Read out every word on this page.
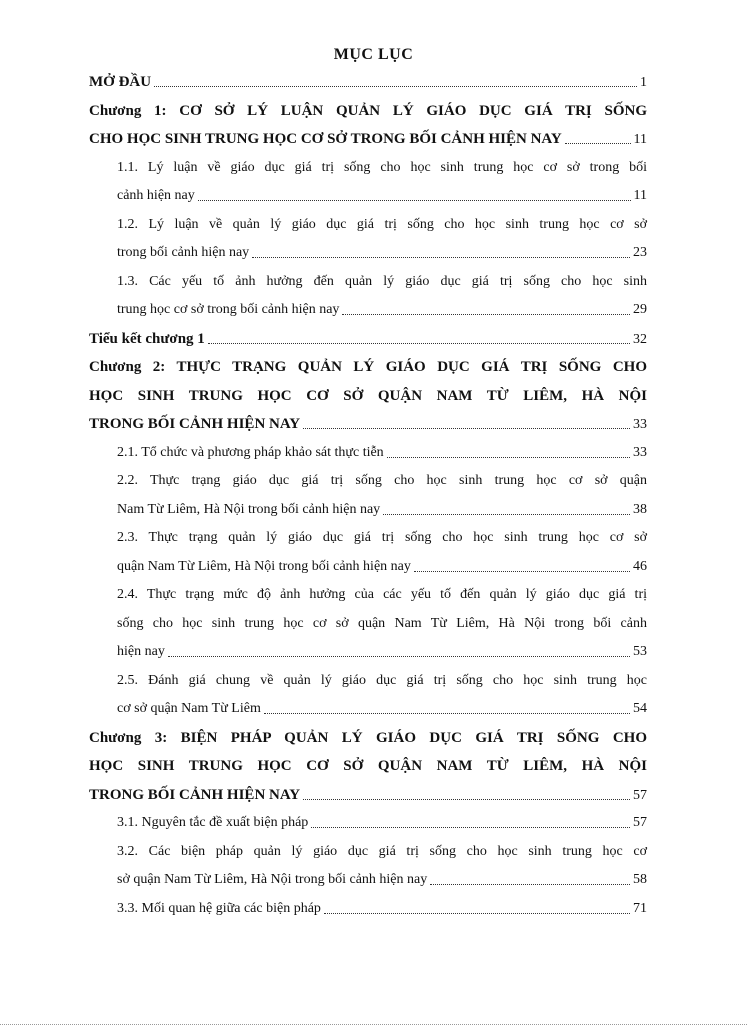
MỤC LỤC
MỞ ĐẦU	1
Chương 1: CƠ SỞ LÝ LUẬN QUẢN LÝ GIÁO DỤC GIÁ TRỊ SỐNG
CHO HỌC SINH TRUNG HỌC CƠ SỞ TRONG BỐI CẢNH HIỆN NAY	11
1.1. Lý luận về giáo dục giá trị sống cho học sinh trung học cơ sở trong bối
cảnh hiện nay	11
1.2. Lý luận về quản lý giáo dục giá trị sống cho học sinh trung học cơ sở
trong bối cảnh hiện nay	23
1.3. Các yếu tố ảnh hưởng đến quản lý giáo dục giá trị sống cho học sinh
trung học cơ sở trong bối cảnh hiện nay	29
Tiểu kết chương 1	32
Chương 2: THỰC TRẠNG QUẢN LÝ GIÁO DỤC GIÁ TRỊ SỐNG CHO
HỌC SINH TRUNG HỌC CƠ SỞ QUẬN NAM TỪ LIÊM, HÀ NỘI
TRONG BỐI CẢNH HIỆN NAY	33
2.1. Tổ chức và phương pháp khảo sát thực tiễn	33
2.2. Thực trạng giáo dục giá trị sống cho học sinh trung học cơ sở quận
Nam Từ Liêm, Hà Nội trong bối cảnh hiện nay	38
2.3. Thực trạng quản lý giáo dục giá trị sống cho học sinh trung học cơ sở
quận Nam Từ Liêm, Hà Nội trong bối cảnh hiện nay	46
2.4. Thực trạng mức độ ảnh hưởng của các yếu tố đến quản lý giáo dục giá trị
sống cho học sinh trung học cơ sở quận Nam Từ Liêm, Hà Nội trong bối cảnh
hiện nay	53
2.5. Đánh giá chung về quản lý giáo dục giá trị sống cho học sinh trung học
cơ sở quận Nam Từ Liêm	54
Chương 3: BIỆN PHÁP QUẢN LÝ GIÁO DỤC GIÁ TRỊ SỐNG CHO
HỌC SINH TRUNG HỌC CƠ SỞ QUẬN NAM TỪ LIÊM, HÀ NỘI
TRONG BỐI CẢNH HIỆN NAY	57
3.1. Nguyên tắc đề xuất biện pháp	57
3.2. Các biện pháp quản lý giáo dục giá trị sống cho học sinh trung học cơ
sở quận Nam Từ Liêm, Hà Nội trong bối cảnh hiện nay	58
3.3. Mối quan hệ giữa các biện pháp	71
